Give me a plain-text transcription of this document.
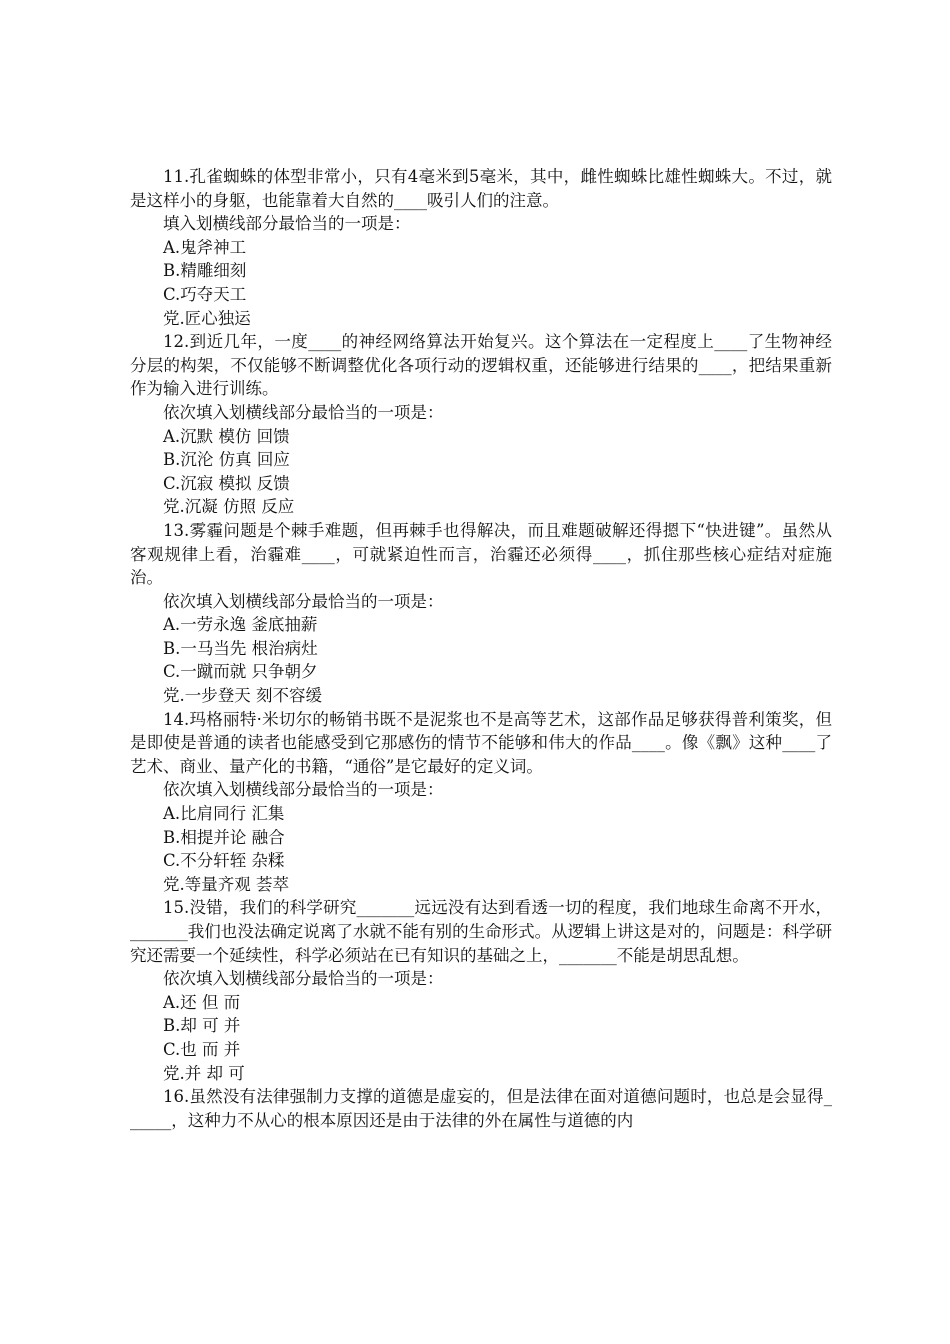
11.孔雀蜘蛛的体型非常小，只有4毫米到5毫米，其中，雌性蜘蛛比雄性蜘蛛大。不过，就是这样小的身躯，也能靠着大自然的____吸引人们的注意。

填入划横线部分最恰当的一项是：

A.鬼斧神工

B.精雕细刻

C.巧夺天工

党.匠心独运

12.到近几年，一度____的神经网络算法开始复兴。这个算法在一定程度上____了生物神经分层的构架，不仅能够不断调整优化各项行动的逻辑权重，还能够进行结果的____，把结果重新作为输入进行训练。

依次填入划横线部分最恰当的一项是：

A.沉默 模仿 回馈

B.沉沦 仿真 回应

C.沉寂 模拟 反馈

党.沉凝 仿照 反应

13.雾霾问题是个棘手难题，但再棘手也得解决，而且难题破解还得摁下“快进键”。虽然从客观规律上看，治霾难____，可就紧迫性而言，治霾还必须得____，抓住那些核心症结对症施治。

依次填入划横线部分最恰当的一项是：

A.一劳永逸 釜底抽薪

B.一马当先 根治病灶

C.一蹴而就 只争朝夕

党.一步登天 刻不容缓

14.玛格丽特·米切尔的畅销书既不是泥浆也不是高等艺术，这部作品足够获得普利策奖，但是即使是普通的读者也能感受到它那感伤的情节不能够和伟大的作品____。像《飘》这种____了艺术、商业、量产化的书籍，“通俗”是它最好的定义词。

依次填入划横线部分最恰当的一项是：

A.比肩同行 汇集

B.相提并论 融合

C.不分轩轾 杂糅

党.等量齐观 荟萃

15.没错，我们的科学研究_______远远没有达到看透一切的程度，我们地球生命离不开水，_______我们也没法确定说离了水就不能有别的生命形式。从逻辑上讲这是对的，问题是：科学研究还需要一个延续性，科学必须站在已有知识的基础之上，_______不能是胡思乱想。

依次填入划横线部分最恰当的一项是：

A.还 但 而

B.却 可 并

C.也 而 并

党.并 却 可

16.虽然没有法律强制力支撑的道德是虚妄的，但是法律在面对道德问题时，也总是会显得______，这种力不从心的根本原因还是由于法律的外在属性与道德的内
